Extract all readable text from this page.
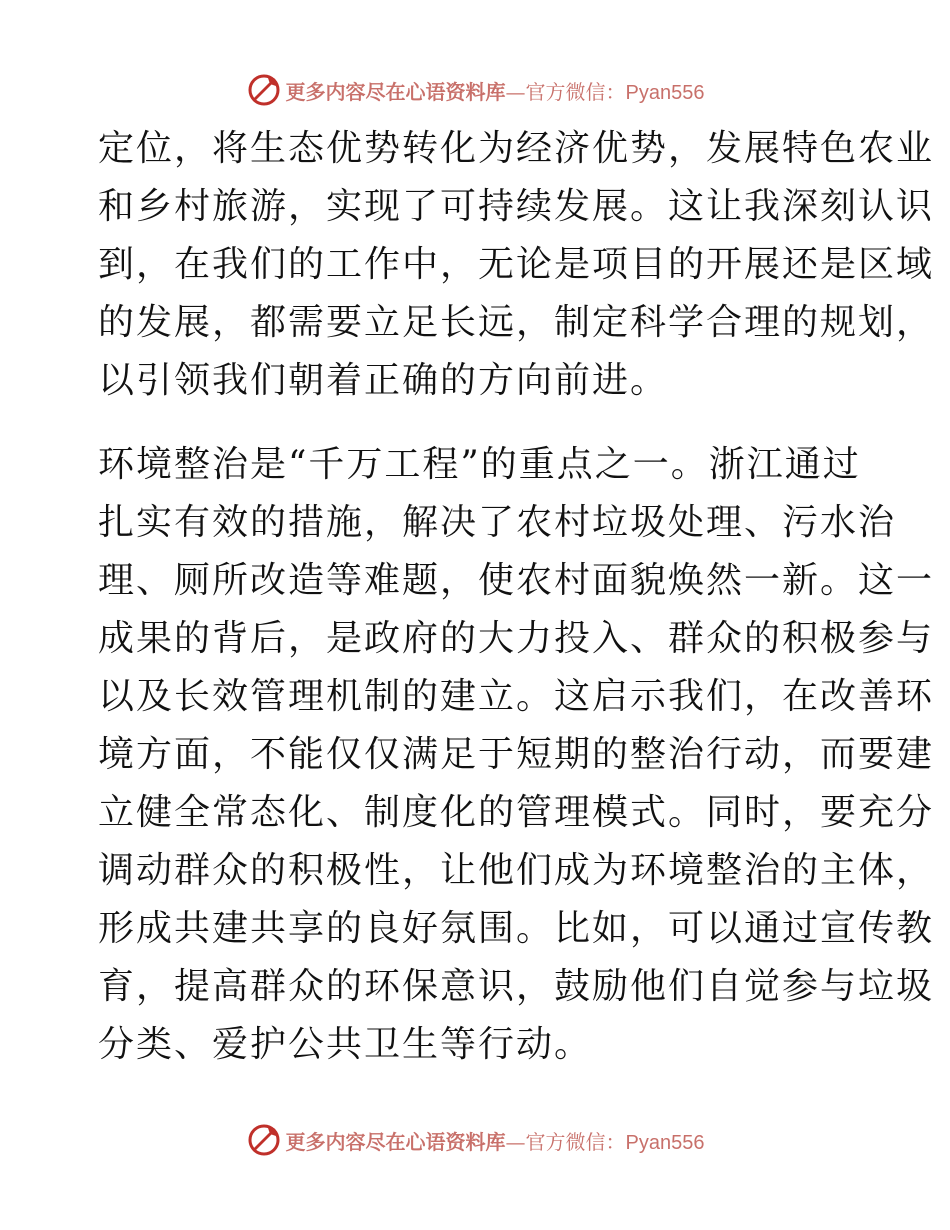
更多内容尽在心语资料库—官方微信：Pyan556
定位，将生态优势转化为经济优势，发展特色农业
和乡村旅游，实现了可持续发展。这让我深刻认识
到，在我们的工作中，无论是项目的开展还是区域
的发展，都需要立足长远，制定科学合理的规划，
以引领我们朝着正确的方向前进。
环境整治是“千万工程”的重点之一。浙江通过
扎实有效的措施，解决了农村垃圾处理、污水治
理、厕所改造等难题，使农村面貌焕然一新。这一
成果的背后，是政府的大力投入、群众的积极参与
以及长效管理机制的建立。这启示我们，在改善环
境方面，不能仅仅满足于短期的整治行动，而要建
立健全常态化、制度化的管理模式。同时，要充分
调动群众的积极性，让他们成为环境整治的主体，
形成共建共享的良好氛围。比如，可以通过宣传教
育，提高群众的环保意识，鼓励他们自觉参与垃圾
分类、爱护公共卫生等行动。
更多内容尽在心语资料库—官方微信：Pyan556
